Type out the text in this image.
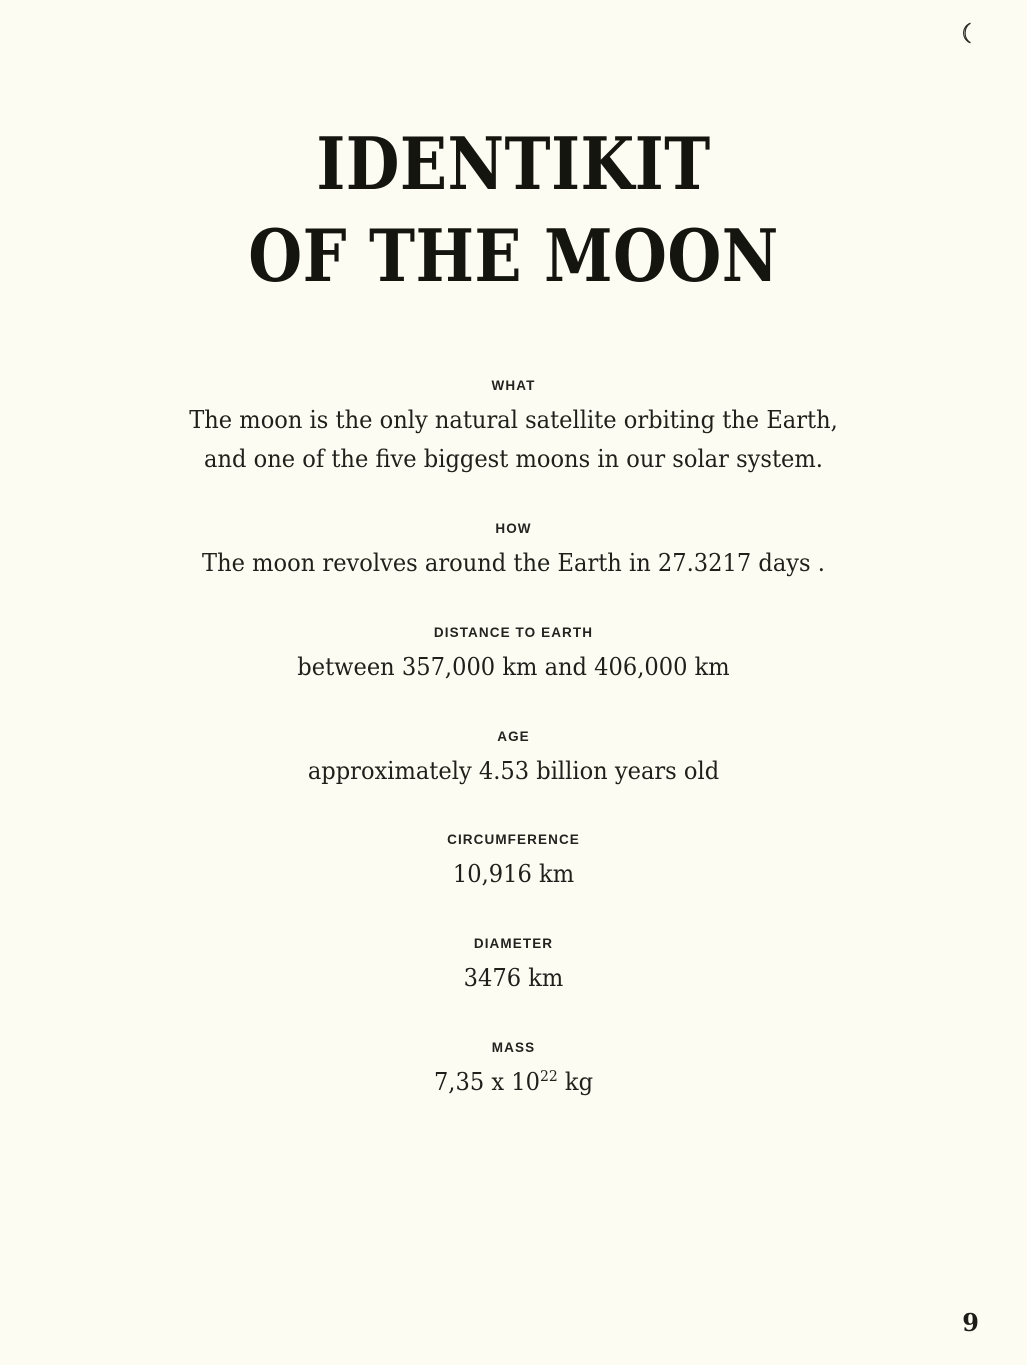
IDENTIKIT
OF THE MOON
WHAT
The moon is the only natural satellite orbiting the Earth,
and one of the five biggest moons in our solar system.
HOW
The moon revolves around the Earth in 27.3217 days .
DISTANCE TO EARTH
between 357,000 km and 406,000 km
AGE
approximately 4.53 billion years old
CIRCUMFERENCE
10,916 km
DIAMETER
3476 km
MASS
7,35 x $10^{22}$ kg
9
